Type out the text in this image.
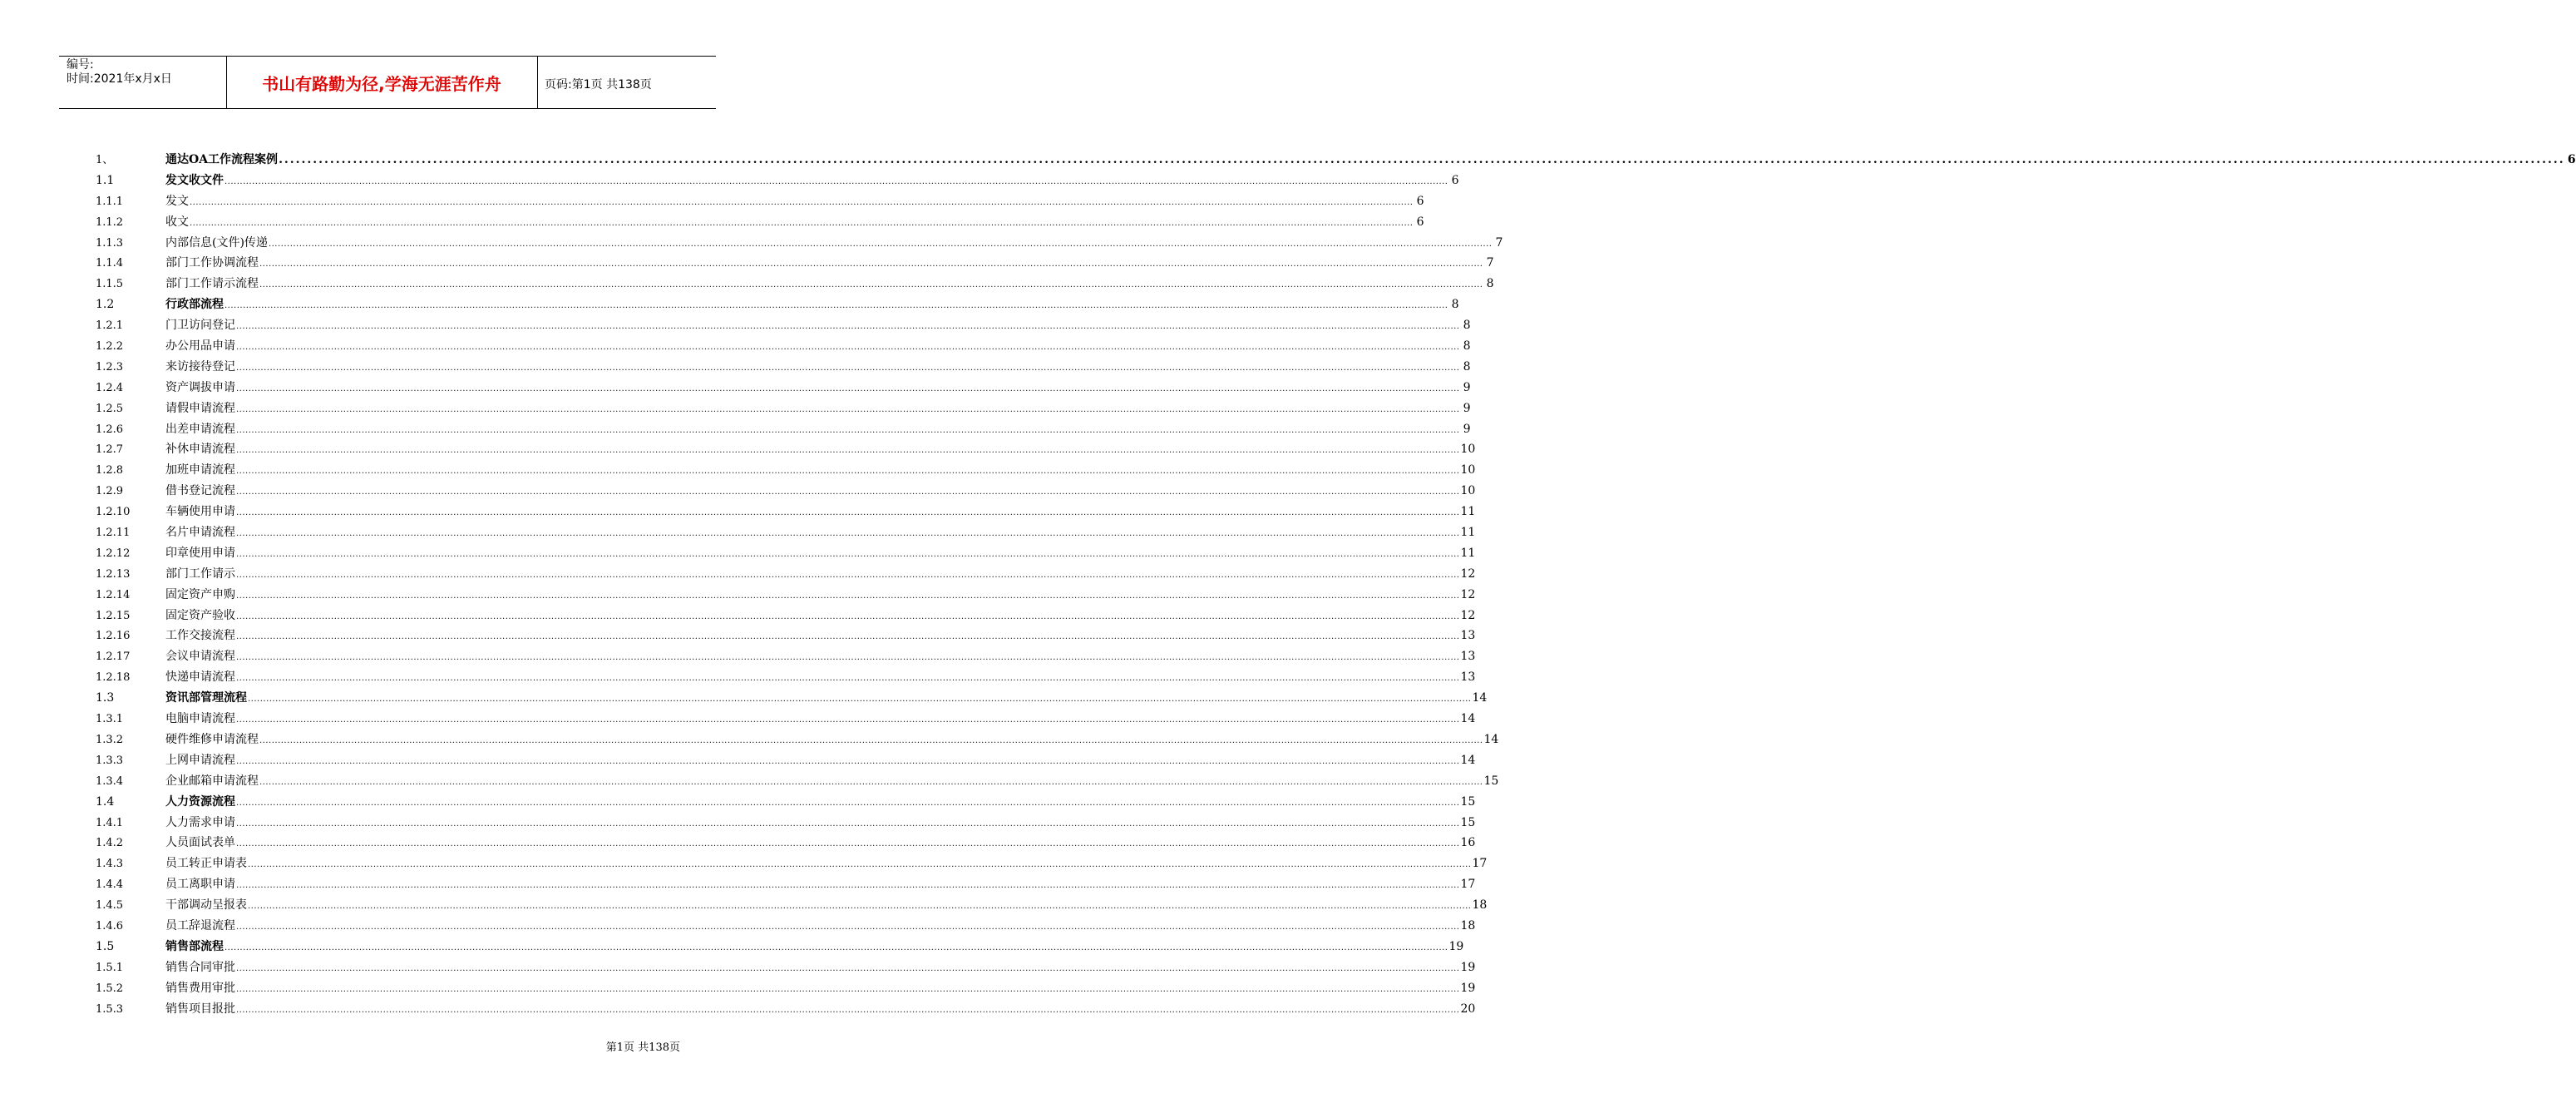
编号:
时间:2021年x月x日	书山有路勤为径,学海无涯苦作舟	页码:第1页 共138页
1、	通达OA工作流程案例 ................................................................................................................................................................................................................................................................................................................................................................................................................ 6
1.1	发文收文件 ................................................................................................................................................................................................................................................................................................................................................................................................................ 6
1.1.1	发文 ................................................................................................................................................................................................................................................................................................................................................................................................................ 6
1.1.2	收文 ................................................................................................................................................................................................................................................................................................................................................................................................................ 6
1.1.3	内部信息(文件)传递 ................................................................................................................................................................................................................................................................................................................................................................................................................ 7
1.1.4	部门工作协调流程 ................................................................................................................................................................................................................................................................................................................................................................................................................ 7
1.1.5	部门工作请示流程 ................................................................................................................................................................................................................................................................................................................................................................................................................ 8
1.2	行政部流程 ................................................................................................................................................................................................................................................................................................................................................................................................................ 8
1.2.1	门卫访问登记 ................................................................................................................................................................................................................................................................................................................................................................................................................ 8
1.2.2	办公用品申请 ................................................................................................................................................................................................................................................................................................................................................................................................................ 8
1.2.3	来访接待登记 ................................................................................................................................................................................................................................................................................................................................................................................................................ 8
1.2.4	资产调拔申请 ................................................................................................................................................................................................................................................................................................................................................................................................................ 9
1.2.5	请假申请流程 ................................................................................................................................................................................................................................................................................................................................................................................................................ 9
1.2.6	出差申请流程 ................................................................................................................................................................................................................................................................................................................................................................................................................ 9
1.2.7	补休申请流程 ................................................................................................................................................................................................................................................................................................................................................................................................................ 10
1.2.8	加班申请流程 ................................................................................................................................................................................................................................................................................................................................................................................................................ 10
1.2.9	借书登记流程 ................................................................................................................................................................................................................................................................................................................................................................................................................ 10
1.2.10	车辆使用申请 ................................................................................................................................................................................................................................................................................................................................................................................................................ 11
1.2.11	名片申请流程 ................................................................................................................................................................................................................................................................................................................................................................................................................ 11
1.2.12	印章使用申请 ................................................................................................................................................................................................................................................................................................................................................................................................................ 11
1.2.13	部门工作请示 ................................................................................................................................................................................................................................................................................................................................................................................................................ 12
1.2.14	固定资产申购 ................................................................................................................................................................................................................................................................................................................................................................................................................ 12
1.2.15	固定资产验收 ................................................................................................................................................................................................................................................................................................................................................................................................................ 12
1.2.16	工作交接流程 ................................................................................................................................................................................................................................................................................................................................................................................................................ 13
1.2.17	会议申请流程 ................................................................................................................................................................................................................................................................................................................................................................................................................ 13
1.2.18	快递申请流程 ................................................................................................................................................................................................................................................................................................................................................................................................................ 13
1.3	资讯部管理流程 ................................................................................................................................................................................................................................................................................................................................................................................................................ 14
1.3.1	电脑申请流程 ................................................................................................................................................................................................................................................................................................................................................................................................................ 14
1.3.2	硬件维修申请流程 ................................................................................................................................................................................................................................................................................................................................................................................................................ 14
1.3.3	上网申请流程 ................................................................................................................................................................................................................................................................................................................................................................................................................ 14
1.3.4	企业邮箱申请流程 ................................................................................................................................................................................................................................................................................................................................................................................................................ 15
1.4	人力资源流程 ................................................................................................................................................................................................................................................................................................................................................................................................................ 15
1.4.1	人力需求申请 ................................................................................................................................................................................................................................................................................................................................................................................................................ 15
1.4.2	人员面试表单 ................................................................................................................................................................................................................................................................................................................................................................................................................ 16
1.4.3	员工转正申请表 ................................................................................................................................................................................................................................................................................................................................................................................................................ 17
1.4.4	员工离职申请 ................................................................................................................................................................................................................................................................................................................................................................................................................ 17
1.4.5	干部调动呈报表 ................................................................................................................................................................................................................................................................................................................................................................................................................ 18
1.4.6	员工辞退流程 ................................................................................................................................................................................................................................................................................................................................................................................................................ 18
1.5	销售部流程 ................................................................................................................................................................................................................................................................................................................................................................................................................ 19
1.5.1	销售合同审批 ................................................................................................................................................................................................................................................................................................................................................................................................................ 19
1.5.2	销售费用审批 ................................................................................................................................................................................................................................................................................................................................................................................................................ 19
1.5.3	销售项目报批 ................................................................................................................................................................................................................................................................................................................................................................................................................ 20
第1页 共138页
